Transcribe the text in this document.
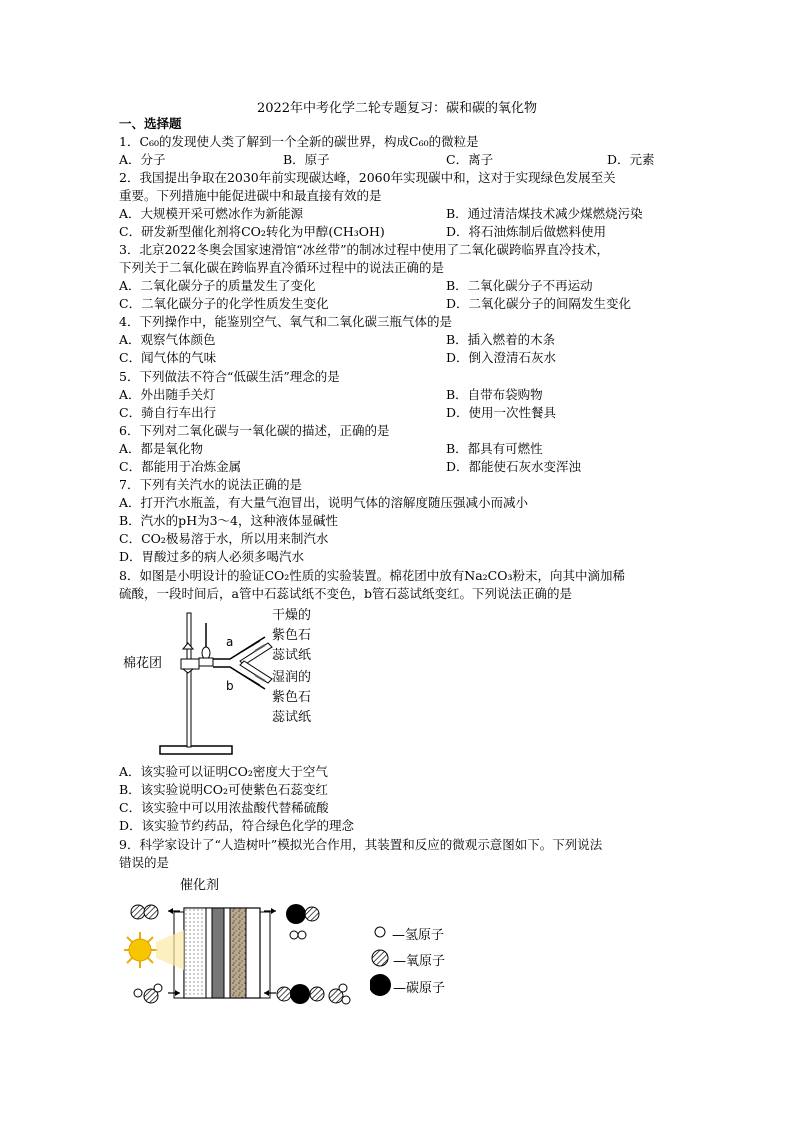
2022年中考化学二轮专题复习：碳和碳的氧化物
一、选择题
1．C₆₀的发现使人类了解到一个全新的碳世界，构成C₆₀的微粒是
A．分子	B．原子	C．离子	D．元素
2．我国提出争取在2030年前实现碳达峰，2060年实现碳中和，这对于实现绿色发展至关
重要。下列措施中能促进碳中和最直接有效的是
A．大规模开采可燃冰作为新能源	B．通过清洁煤技术减少煤燃烧污染
C．研发新型催化剂将CO₂转化为甲醇(CH₃OH)	D．将石油炼制后做燃料使用
3．北京2022冬奥会国家速滑馆“冰丝带”的制冰过程中使用了二氧化碳跨临界直冷技术，
下列关于二氧化碳在跨临界直冷循环过程中的说法正确的是
A．二氧化碳分子的质量发生了变化	B．二氧化碳分子不再运动
C．二氧化碳分子的化学性质发生变化	D．二氧化碳分子的间隔发生变化
4．下列操作中，能鉴别空气、氧气和二氧化碳三瓶气体的是
A．观察气体颜色	B．插入燃着的木条
C．闻气体的气味	D．倒入澄清石灰水
5．下列做法不符合“低碳生活”理念的是
A．外出随手关灯	B．自带布袋购物
C．骑自行车出行	D．使用一次性餐具
6．下列对二氧化碳与一氧化碳的描述，正确的是
A．都是氧化物	B．都具有可燃性
C．都能用于冶炼金属	D．都能使石灰水变浑浊
7．下列有关汽水的说法正确的是
A．打开汽水瓶盖，有大量气泡冒出，说明气体的溶解度随压强减小而减小
B．汽水的pH为3～4，这种液体显碱性
C．CO₂极易溶于水，所以用来制汽水
D．胃酸过多的病人必须多喝汽水
8．如图是小明设计的验证CO₂性质的实验装置。棉花团中放有Na₂CO₃粉末，向其中滴加稀
硫酸，一段时间后，a管中石蕊试纸不变色，b管石蕊试纸变红。下列说法正确的是
棉花团
a
b
干燥的
紫色石
蕊试纸
湿润的
紫色石
蕊试纸
A．该实验可以证明CO₂密度大于空气
B．该实验说明CO₂可使紫色石蕊变红
C．该实验中可以用浓盐酸代替稀硫酸
D．该实验节约药品，符合绿色化学的理念
9．科学家设计了“人造树叶”模拟光合作用，其装置和反应的微观示意图如下。下列说法
错误的是
催化剂
—氢原子
—氧原子
—碳原子
